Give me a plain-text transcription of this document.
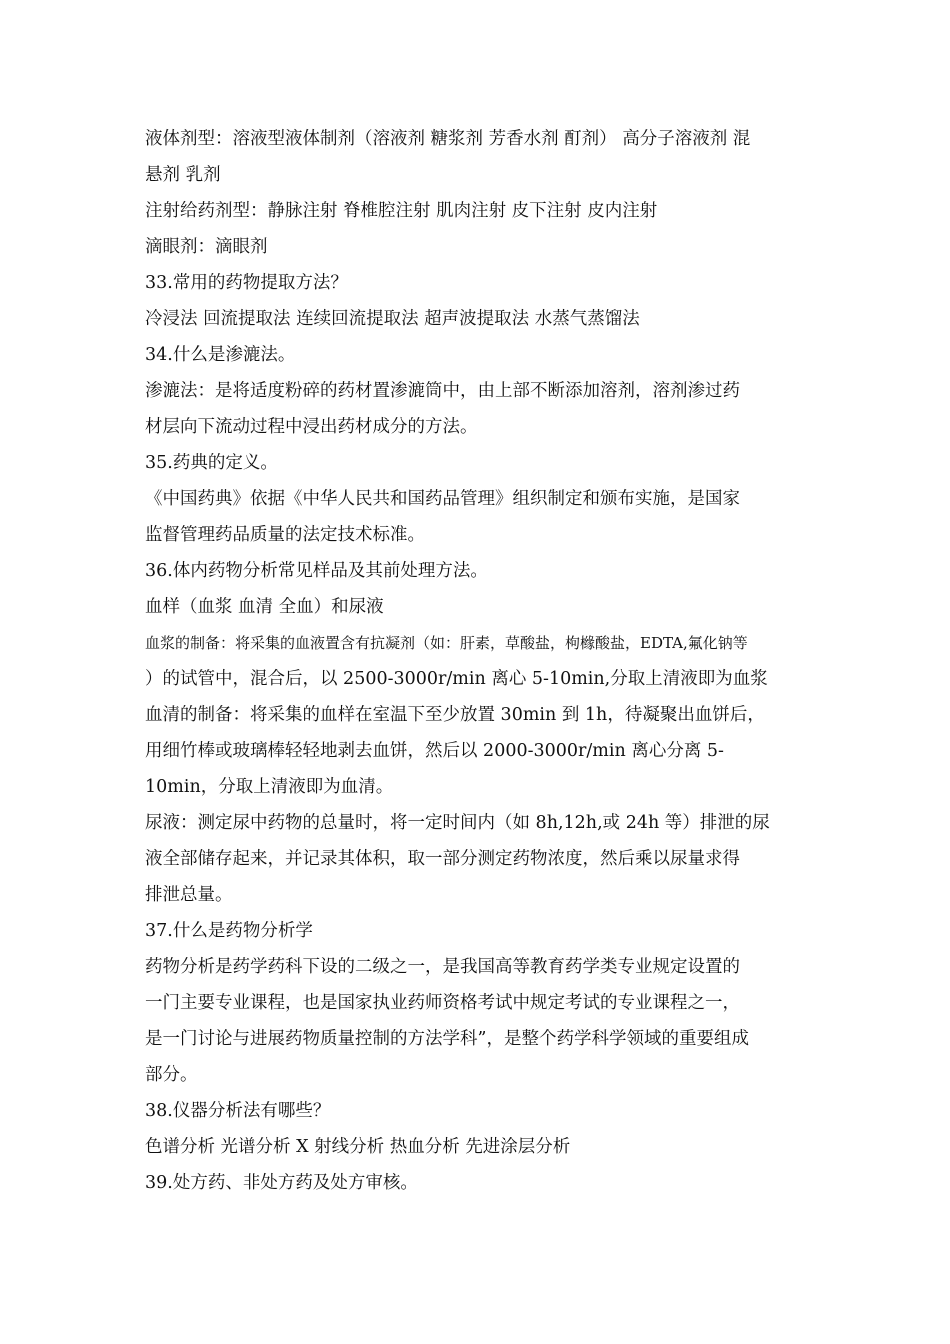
液体剂型：溶液型液体制剂（溶液剂 糖浆剂 芳香水剂 酊剂） 高分子溶液剂 混
悬剂 乳剂
注射给药剂型：静脉注射 脊椎腔注射 肌肉注射 皮下注射 皮内注射
滴眼剂：滴眼剂
33.常用的药物提取方法？
冷浸法 回流提取法 连续回流提取法 超声波提取法 水蒸气蒸馏法
34.什么是渗漉法。
渗漉法：是将适度粉碎的药材置渗漉筒中，由上部不断添加溶剂，溶剂渗过药
材层向下流动过程中浸出药材成分的方法。
35.药典的定义。
《中国药典》依据《中华人民共和国药品管理》组织制定和颁布实施，是国家
监督管理药品质量的法定技术标准。
36.体内药物分析常见样品及其前处理方法。
血样（血浆 血清 全血）和尿液
血浆的制备：将采集的血液置含有抗凝剂（如：肝素，草酸盐，枸橼酸盐，EDTA,氟化钠等
）的试管中，混合后，以 2500-3000r/min 离心 5-10min,分取上清液即为血浆
血清的制备：将采集的血样在室温下至少放置 30min 到 1h，待凝聚出血饼后，
用细竹棒或玻璃棒轻轻地剥去血饼，然后以 2000-3000r/min 离心分离 5-
10min，分取上清液即为血清。
尿液：测定尿中药物的总量时，将一定时间内（如 8h,12h,或 24h 等）排泄的尿
液全部储存起来，并记录其体积，取一部分测定药物浓度，然后乘以尿量求得
排泄总量。
37.什么是药物分析学
药物分析是药学药科下设的二级之一，是我国高等教育药学类专业规定设置的
一门主要专业课程，也是国家执业药师资格考试中规定考试的专业课程之一，
是一门讨论与进展药物质量控制的方法学科”，是整个药学科学领域的重要组成
部分。
38.仪器分析法有哪些？
色谱分析 光谱分析 X 射线分析 热血分析 先进涂层分析
39.处方药、非处方药及处方审核。
